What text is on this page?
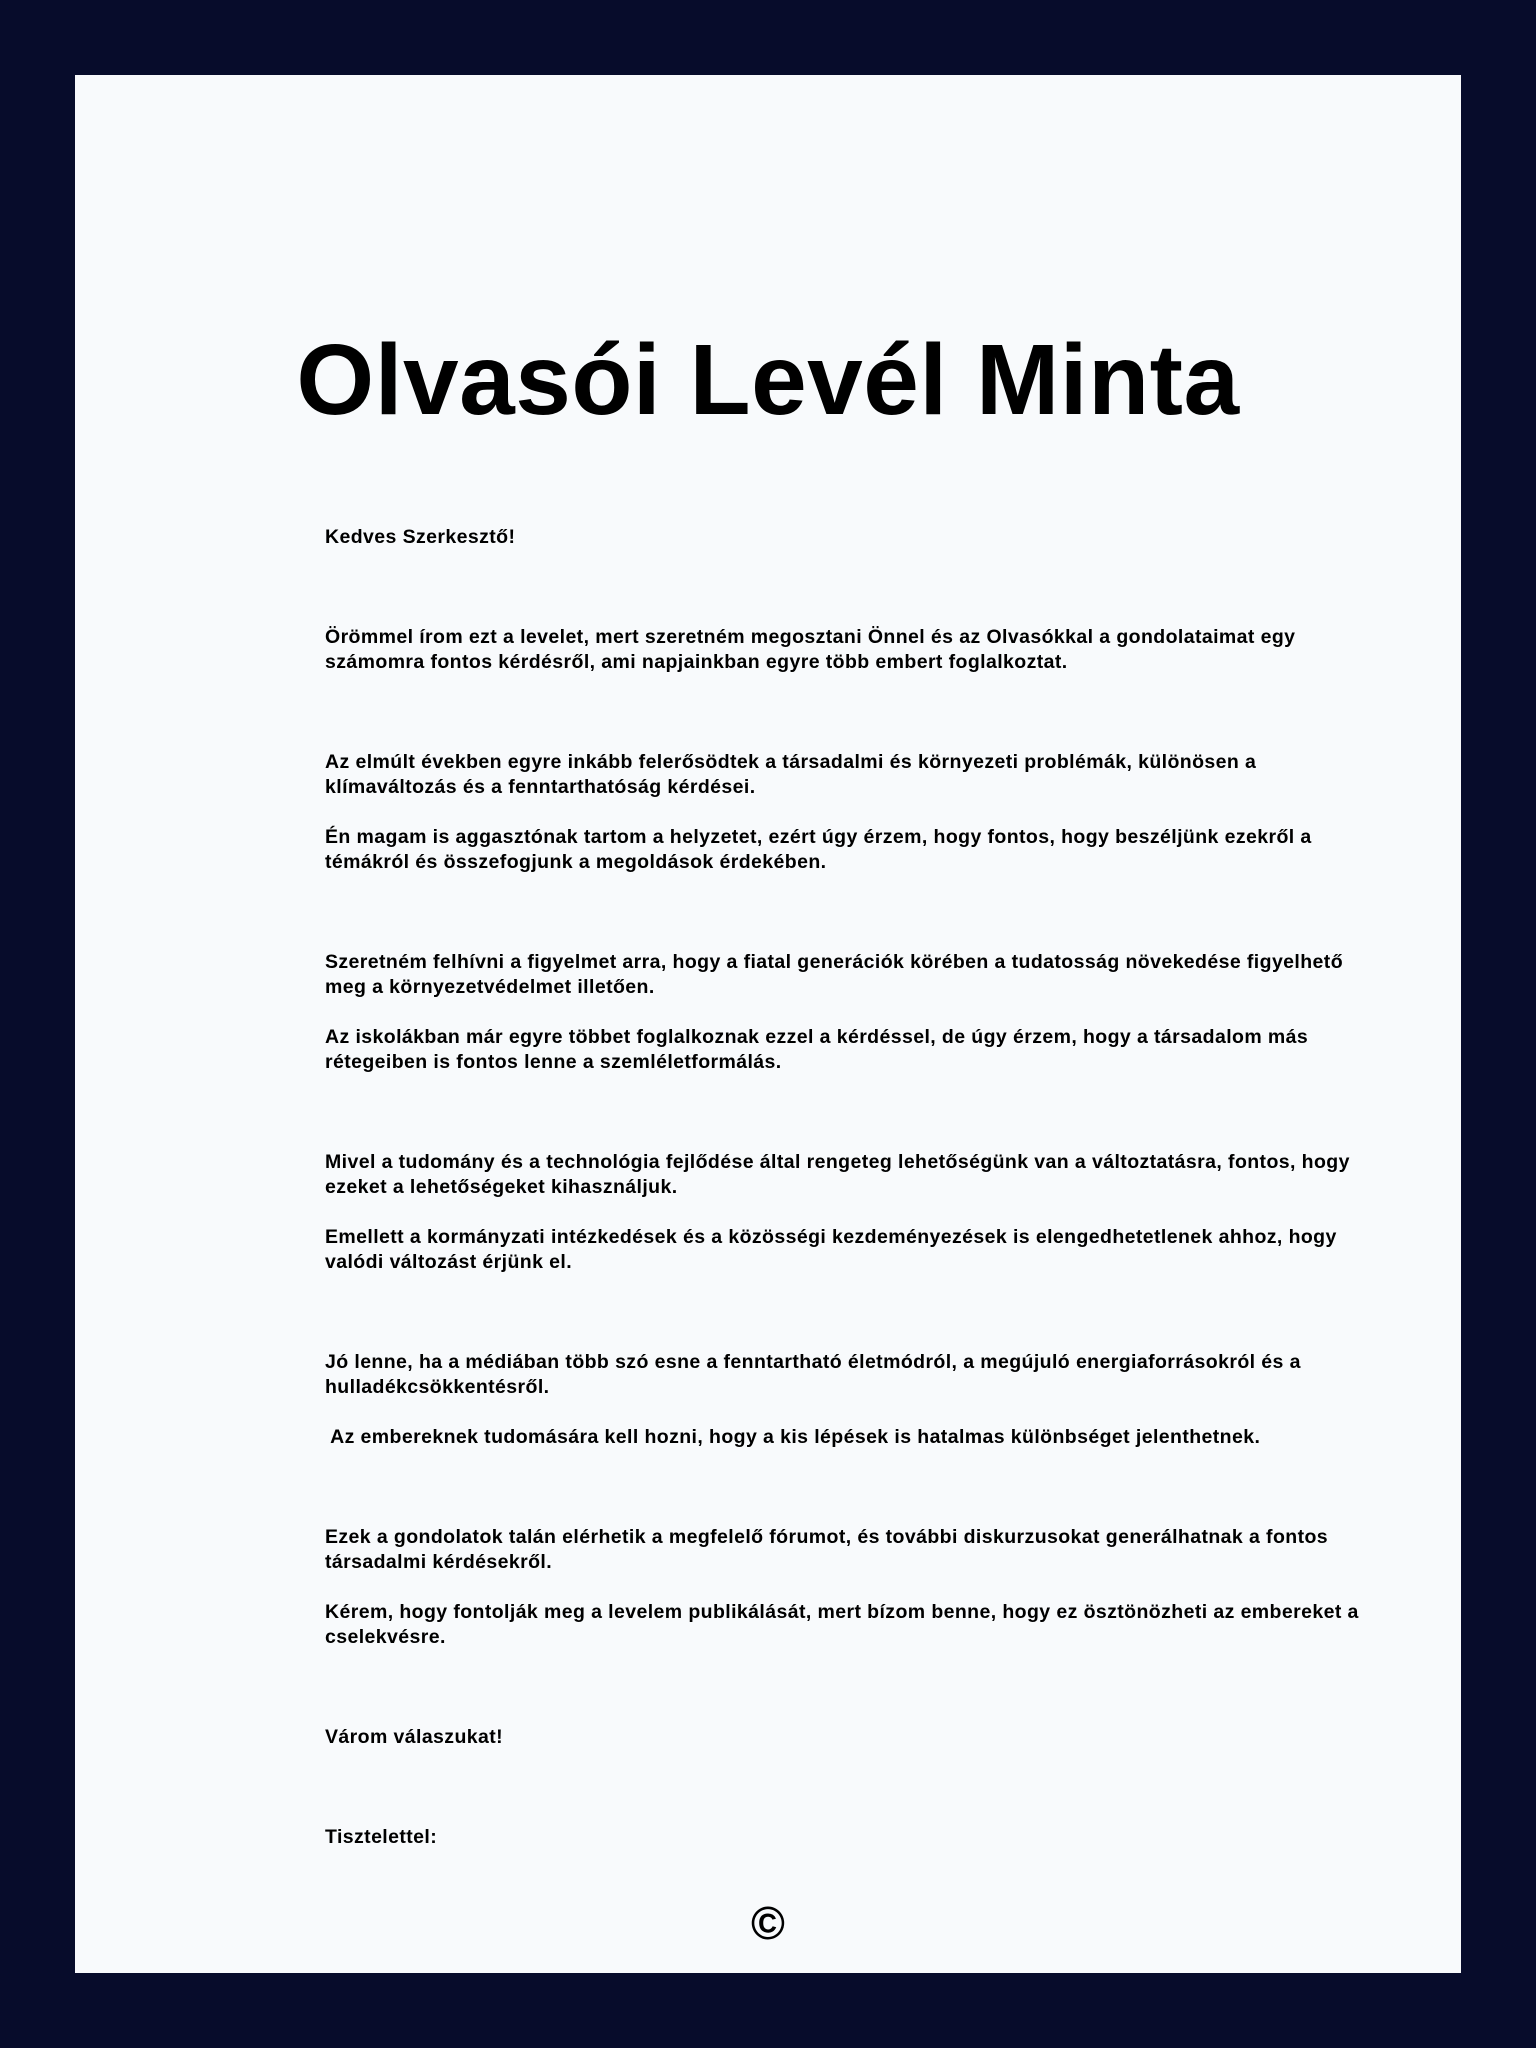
Olvasói Levél Minta

Kedves Szerkesztő!

Örömmel írom ezt a levelet, mert szeretném megosztani Önnel és az Olvasókkal a gondolataimat egy számomra fontos kérdésről, ami napjainkban egyre több embert foglalkoztat.

Az elmúlt években egyre inkább felerősödtek a társadalmi és környezeti problémák, különösen a klímaváltozás és a fenntarthatóság kérdései.

Én magam is aggasztónak tartom a helyzetet, ezért úgy érzem, hogy fontos, hogy beszéljünk ezekről a témákról és összefogjunk a megoldások érdekében.

Szeretném felhívni a figyelmet arra, hogy a fiatal generációk körében a tudatosság növekedése figyelhető meg a környezetvédelmet illetően.

Az iskolákban már egyre többet foglalkoznak ezzel a kérdéssel, de úgy érzem, hogy a társadalom más rétegeiben is fontos lenne a szemléletformálás.

Mivel a tudomány és a technológia fejlődése által rengeteg lehetőségünk van a változtatásra, fontos, hogy ezeket a lehetőségeket kihasználjuk.

Emellett a kormányzati intézkedések és a közösségi kezdeményezések is elengedhetetlenek ahhoz, hogy valódi változást érjünk el.

Jó lenne, ha a médiában több szó esne a fenntartható életmódról, a megújuló energiaforrásokról és a hulladékcsökkentésről.

Az embereknek tudomására kell hozni, hogy a kis lépések is hatalmas különbséget jelenthetnek.

Ezek a gondolatok talán elérhetik a megfelelő fórumot, és további diskurzusokat generálhatnak a fontos társadalmi kérdésekről.

Kérem, hogy fontolják meg a levelem publikálását, mert bízom benne, hogy ez ösztönözheti az embereket a cselekvésre.

Várom válaszukat!

Tisztelettel:

©
